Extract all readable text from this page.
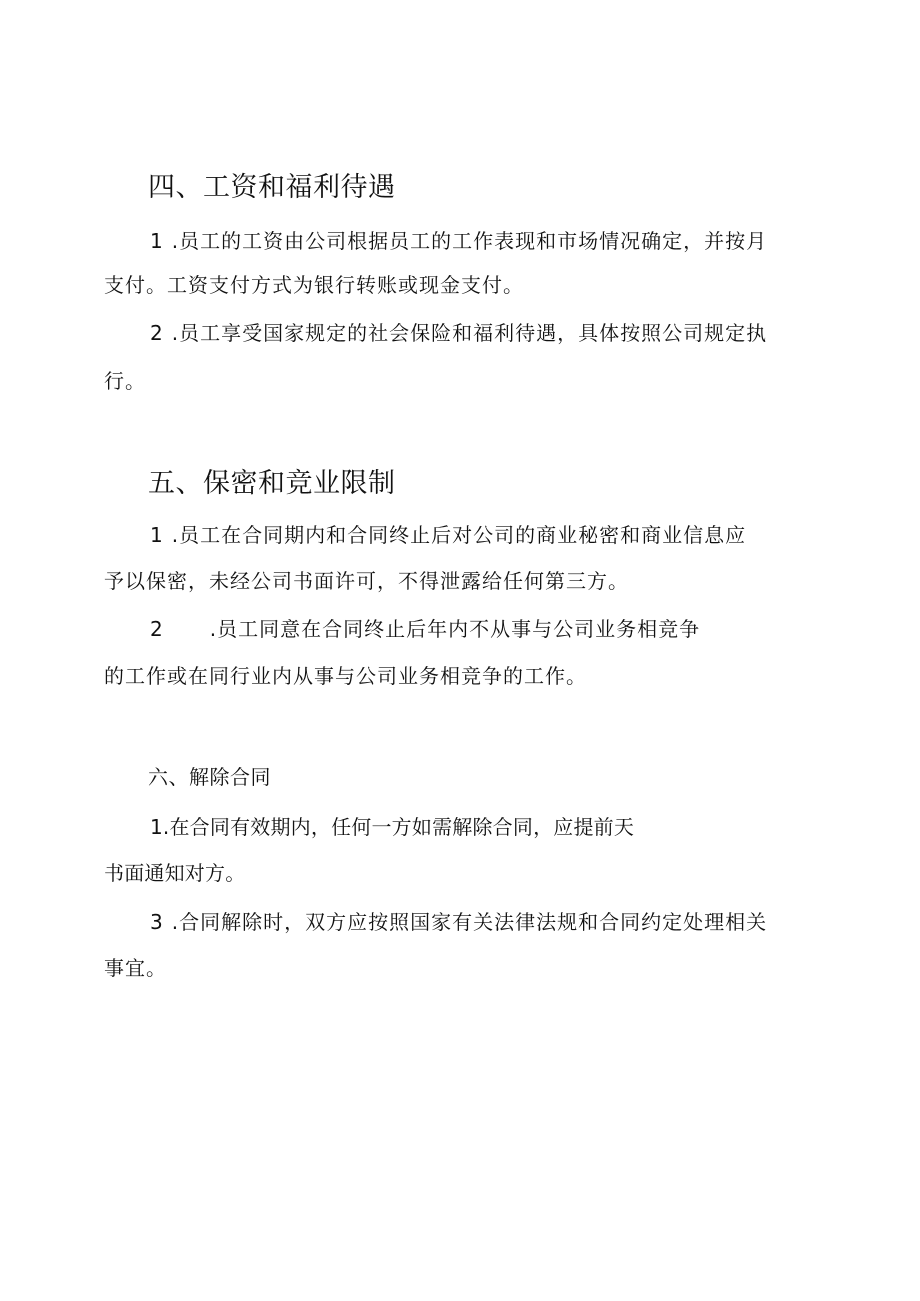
四、工资和福利待遇
1 .员工的工资由公司根据员工的工作表现和市场情况确定，并按月
支付。工资支付方式为银行转账或现金支付。
2 .员工享受国家规定的社会保险和福利待遇，具体按照公司规定执
行。
五、保密和竞业限制
1 .员工在合同期内和合同终止后对公司的商业秘密和商业信息应
予以保密，未经公司书面许可，不得泄露给任何第三方。
2 .员工同意在合同终止后年内不从事与公司业务相竞争
的工作或在同行业内从事与公司业务相竞争的工作。
六、解除合同
1.在合同有效期内，任何一方如需解除合同，应提前天
书面通知对方。
3 .合同解除时，双方应按照国家有关法律法规和合同约定处理相关
事宜。
